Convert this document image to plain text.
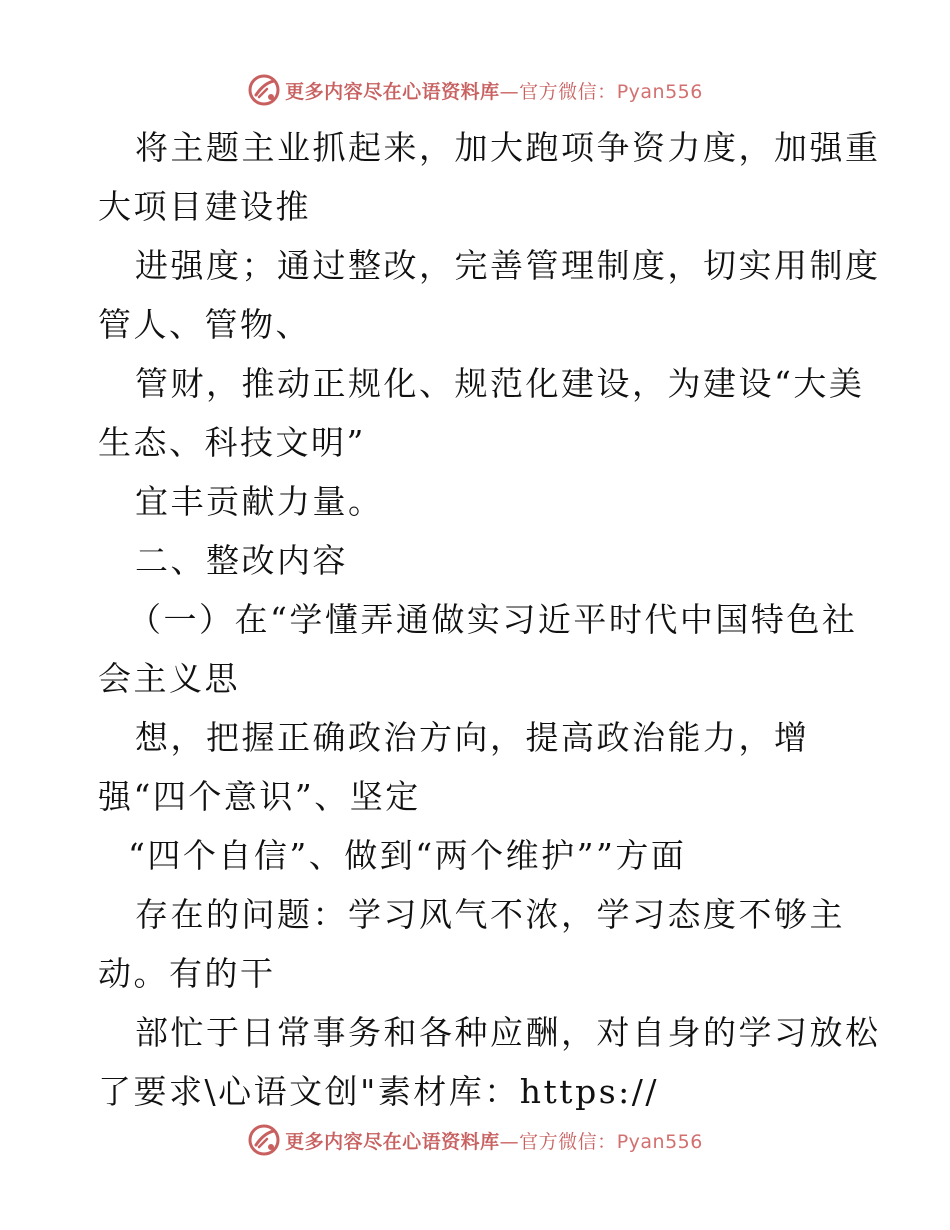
更多内容尽在心语资料库—官方微信：Pyan556
将主题主业抓起来，加大跑项争资力度，加强重
大项目建设推
进强度；通过整改，完善管理制度，切实用制度
管人、管物、
管财，推动正规化、规范化建设，为建设“大美
生态、科技文明”
宜丰贡献力量。
二、整改内容
（一）在“学懂弄通做实习近平时代中国特色社
会主义思
想，把握正确政治方向，提高政治能力，增
强“四个意识”、坚定
“四个自信”、做到“两个维护””方面
存在的问题：学习风气不浓，学习态度不够主
动。有的干
部忙于日常事务和各种应酬，对自身的学习放松
了要求\心语文创"素材库：https://
更多内容尽在心语资料库—官方微信：Pyan556
